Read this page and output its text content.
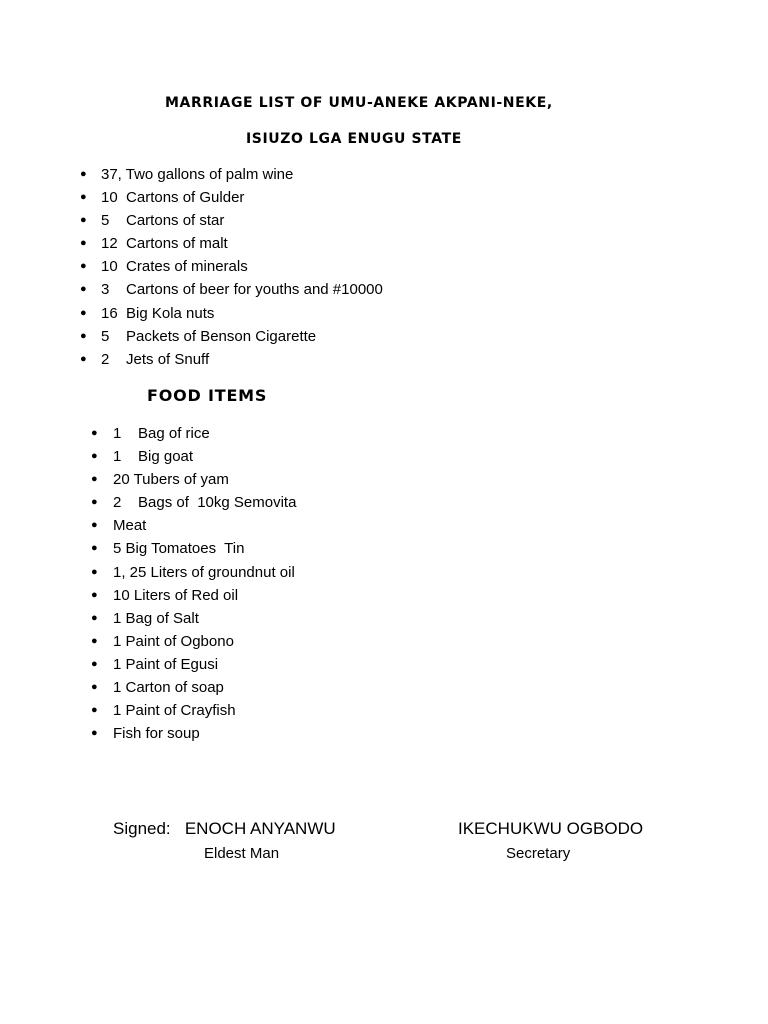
MARRIAGE LIST OF UMU-ANEKE AKPANI-NEKE,
ISIUZO LGA ENUGU STATE
● 37, Two gallons of palm wine
● 10  Cartons of Gulder
● 5    Cartons of star
● 12  Cartons of malt
● 10  Crates of minerals
● 3    Cartons of beer for youths and #10000
● 16  Big Kola nuts
● 5    Packets of Benson Cigarette
● 2    Jets of Snuff
FOOD ITEMS
● 1    Bag of rice
● 1    Big goat
● 20 Tubers of yam
● 2    Bags of  10kg Semovita
● Meat
● 5 Big Tomatoes  Tin
● 1, 25 Liters of groundnut oil
● 10 Liters of Red oil
● 1 Bag of Salt
● 1 Paint of Ogbono
● 1 Paint of Egusi
● 1 Carton of soap
● 1 Paint of Crayfish
● Fish for soup
Signed: ENOCH ANYANWU	IKECHUKWU OGBODO
Eldest Man	Secretary
